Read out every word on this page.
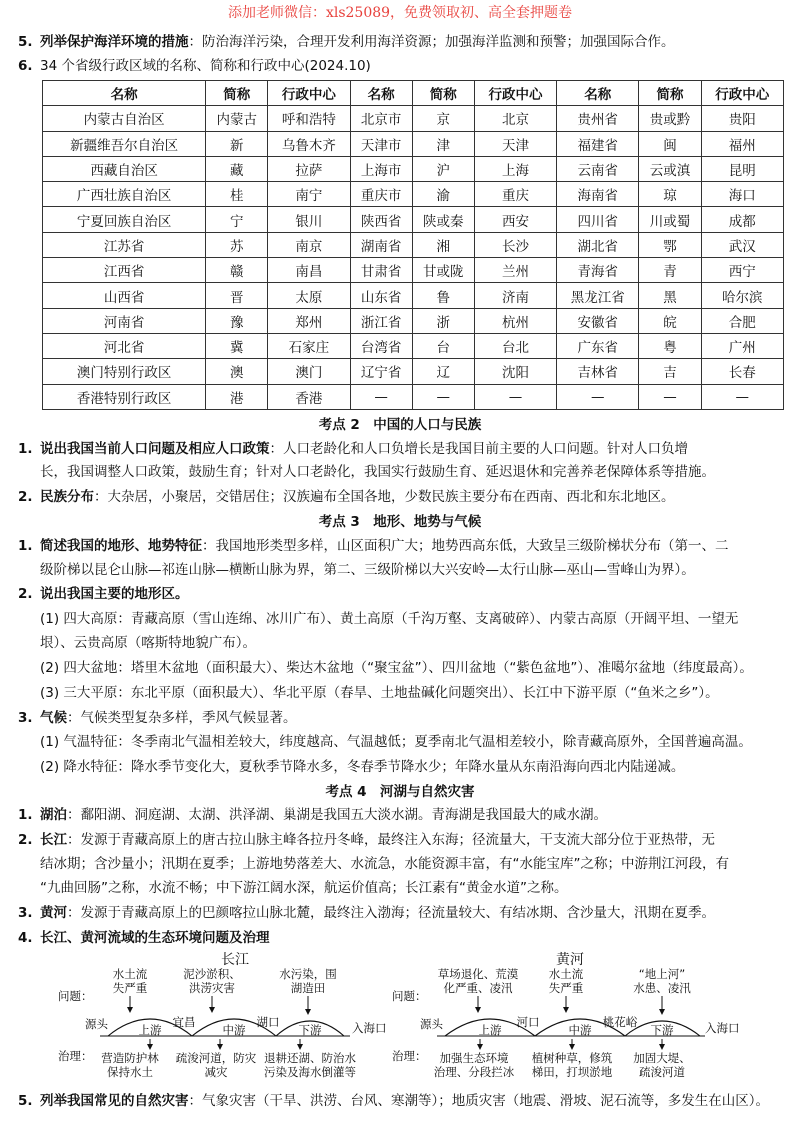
添加老师微信：xls25089，免费领取初、高全套押题卷
5. 列举保护海洋环境的措施：防治海洋污染，合理开发利用海洋资源；加强海洋监测和预警；加强国际合作。
6. 34 个省级行政区域的名称、简称和行政中心(2024.10)
名称	简称	行政中心	名称	简称	行政中心	名称	简称	行政中心
内蒙古自治区	内蒙古	呼和浩特	北京市	京	北京	贵州省	贵或黔	贵阳
新疆维吾尔自治区	新	乌鲁木齐	天津市	津	天津	福建省	闽	福州
西藏自治区	藏	拉萨	上海市	沪	上海	云南省	云或滇	昆明
广西壮族自治区	桂	南宁	重庆市	渝	重庆	海南省	琼	海口
宁夏回族自治区	宁	银川	陕西省	陕或秦	西安	四川省	川或蜀	成都
江苏省	苏	南京	湖南省	湘	长沙	湖北省	鄂	武汉
江西省	赣	南昌	甘肃省	甘或陇	兰州	青海省	青	西宁
山西省	晋	太原	山东省	鲁	济南	黑龙江省	黑	哈尔滨
河南省	豫	郑州	浙江省	浙	杭州	安徽省	皖	合肥
河北省	冀	石家庄	台湾省	台	台北	广东省	粤	广州
澳门特别行政区	澳	澳门	辽宁省	辽	沈阳	吉林省	吉	长春
香港特别行政区	港	香港	—	—	—	—	—	—
考点 2　中国的人口与民族
1. 说出我国当前人口问题及相应人口政策：人口老龄化和人口负增长是我国目前主要的人口问题。针对人口负增
长，我国调整人口政策，鼓励生育；针对人口老龄化，我国实行鼓励生育、延迟退休和完善养老保障体系等措施。
2. 民族分布：大杂居，小聚居，交错居住；汉族遍布全国各地，少数民族主要分布在西南、西北和东北地区。
考点 3　地形、地势与气候
1. 简述我国的地形、地势特征：我国地形类型多样，山区面积广大；地势西高东低，大致呈三级阶梯状分布（第一、二
级阶梯以昆仑山脉—祁连山脉—横断山脉为界，第二、三级阶梯以大兴安岭—太行山脉—巫山—雪峰山为界）。
2. 说出我国主要的地形区。
(1) 四大高原：青藏高原（雪山连绵、冰川广布）、黄土高原（千沟万壑、支离破碎）、内蒙古高原（开阔平坦、一望无
垠）、云贵高原（喀斯特地貌广布）。
(2) 四大盆地：塔里木盆地（面积最大）、柴达木盆地（“聚宝盆”）、四川盆地（“紫色盆地”）、准噶尔盆地（纬度最高）。
(3) 三大平原：东北平原（面积最大）、华北平原（春旱、土地盐碱化问题突出）、长江中下游平原（“鱼米之乡”）。
3. 气候：气候类型复杂多样，季风气候显著。
(1) 气温特征：冬季南北气温相差较大，纬度越高、气温越低；夏季南北气温相差较小，除青藏高原外，全国普遍高温。
(2) 降水特征：降水季节变化大，夏秋季节降水多，冬春季节降水少；年降水量从东南沿海向西北内陆递减。
考点 4　河湖与自然灾害
1. 湖泊：鄱阳湖、洞庭湖、太湖、洪泽湖、巢湖是我国五大淡水湖。青海湖是我国最大的咸水湖。
2. 长江：发源于青藏高原上的唐古拉山脉主峰各拉丹冬峰，最终注入东海；径流量大，干支流大部分位于亚热带，无
结冰期；含沙量小；汛期在夏季；上游地势落差大、水流急，水能资源丰富，有“水能宝库”之称；中游荆江河段，有
“九曲回肠”之称，水流不畅；中下游江阔水深，航运价值高；长江素有“黄金水道”之称。
3. 黄河：发源于青藏高原上的巴颜喀拉山脉北麓，最终注入渤海；径流量较大、有结冰期、含沙量大，汛期在夏季。
4. 长江、黄河流域的生态环境问题及治理
长江
问题：
治理：
源头	入海口
上游	中游	下游
宜昌	湖口
水土流
失严重
泥沙淤积、
洪涝灾害
水污染，围
湖造田
营造防护林
保持水土
疏浚河道，防灾
减灾
退耕还湖、防治水
污染及海水倒灌等
黄河
问题：
治理：
源头	入海口
上游	中游	下游
河口	桃花峪
草场退化、荒漠
化严重、凌汛
水土流
失严重
“地上河”
水患、凌汛
加强生态环境
治理、分段拦冰
植树种草，修筑
梯田，打坝淤地
加固大堤、
疏浚河道
5. 列举我国常见的自然灾害：气象灾害（干旱、洪涝、台风、寒潮等）；地质灾害（地震、滑坡、泥石流等，多发生在山区）。
